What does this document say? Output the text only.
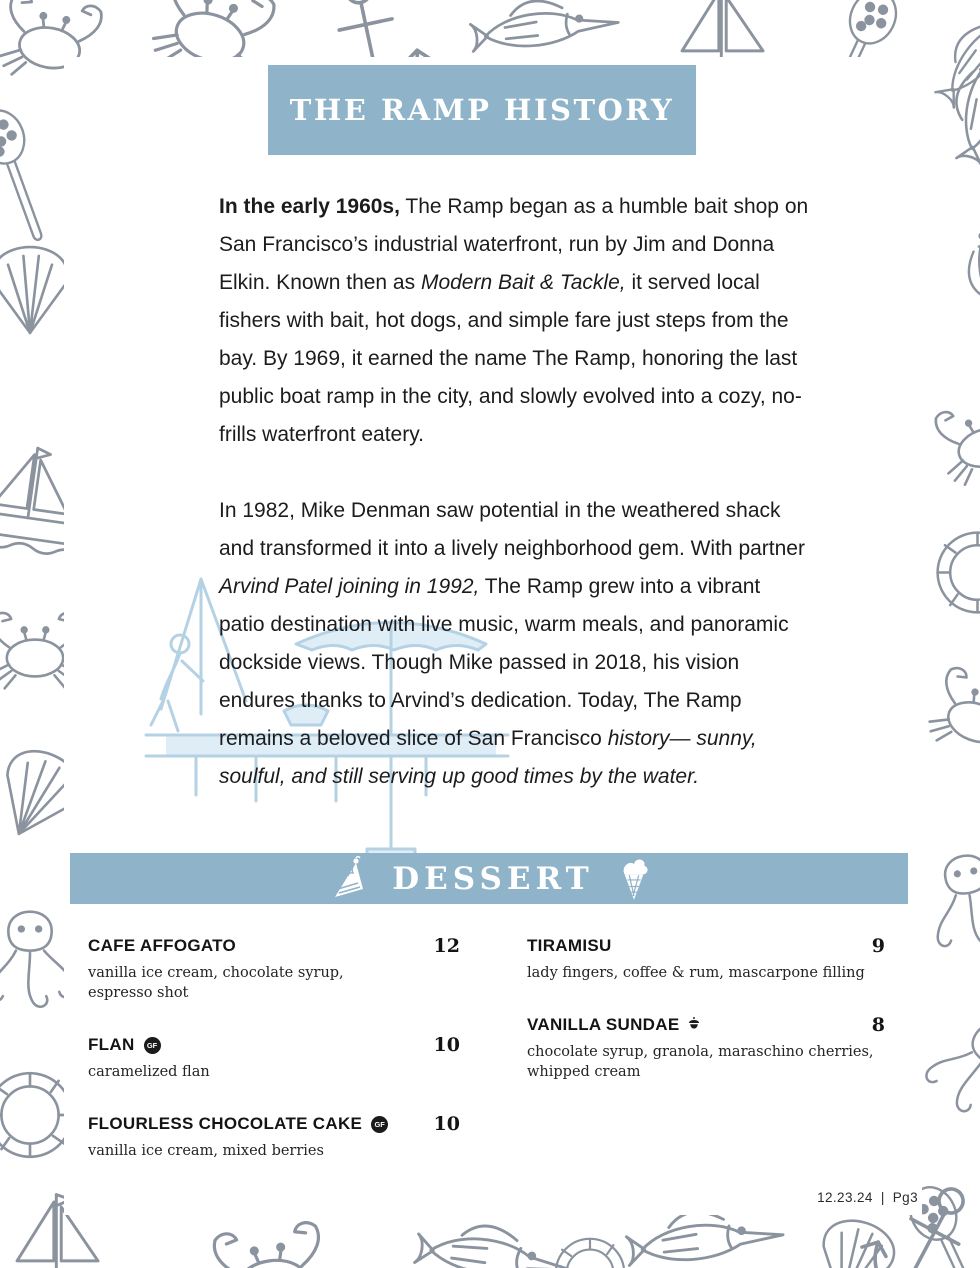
THE RAMP HISTORY

In the early 1960s, The Ramp began as a humble bait shop on San Francisco’s industrial waterfront, run by Jim and Donna Elkin. Known then as Modern Bait & Tackle, it served local fishers with bait, hot dogs, and simple fare just steps from the bay. By 1969, it earned the name The Ramp, honoring the last public boat ramp in the city, and slowly evolved into a cozy, no-frills waterfront eatery.

In 1982, Mike Denman saw potential in the weathered shack and transformed it into a lively neighborhood gem. With partner Arvind Patel joining in 1992, The Ramp grew into a vibrant patio destination with live music, warm meals, and panoramic dockside views. Though Mike passed in 2018, his vision endures thanks to Arvind’s dedication. Today, The Ramp remains a beloved slice of San Francisco history— sunny, soulful, and still serving up good times by the water.

DESSERT
CAFE AFFOGATO	12
vanilla ice cream, chocolate syrup, espresso shot
FLAN	GF	10
caramelized flan
FLOURLESS CHOCOLATE CAKE	GF	10
vanilla ice cream, mixed berries
TIRAMISU	9
lady fingers, coffee & rum, mascarpone filling
VANILLA SUNDAE	8
chocolate syrup, granola, maraschino cherries, whipped cream
12.23.24 | Pg3
